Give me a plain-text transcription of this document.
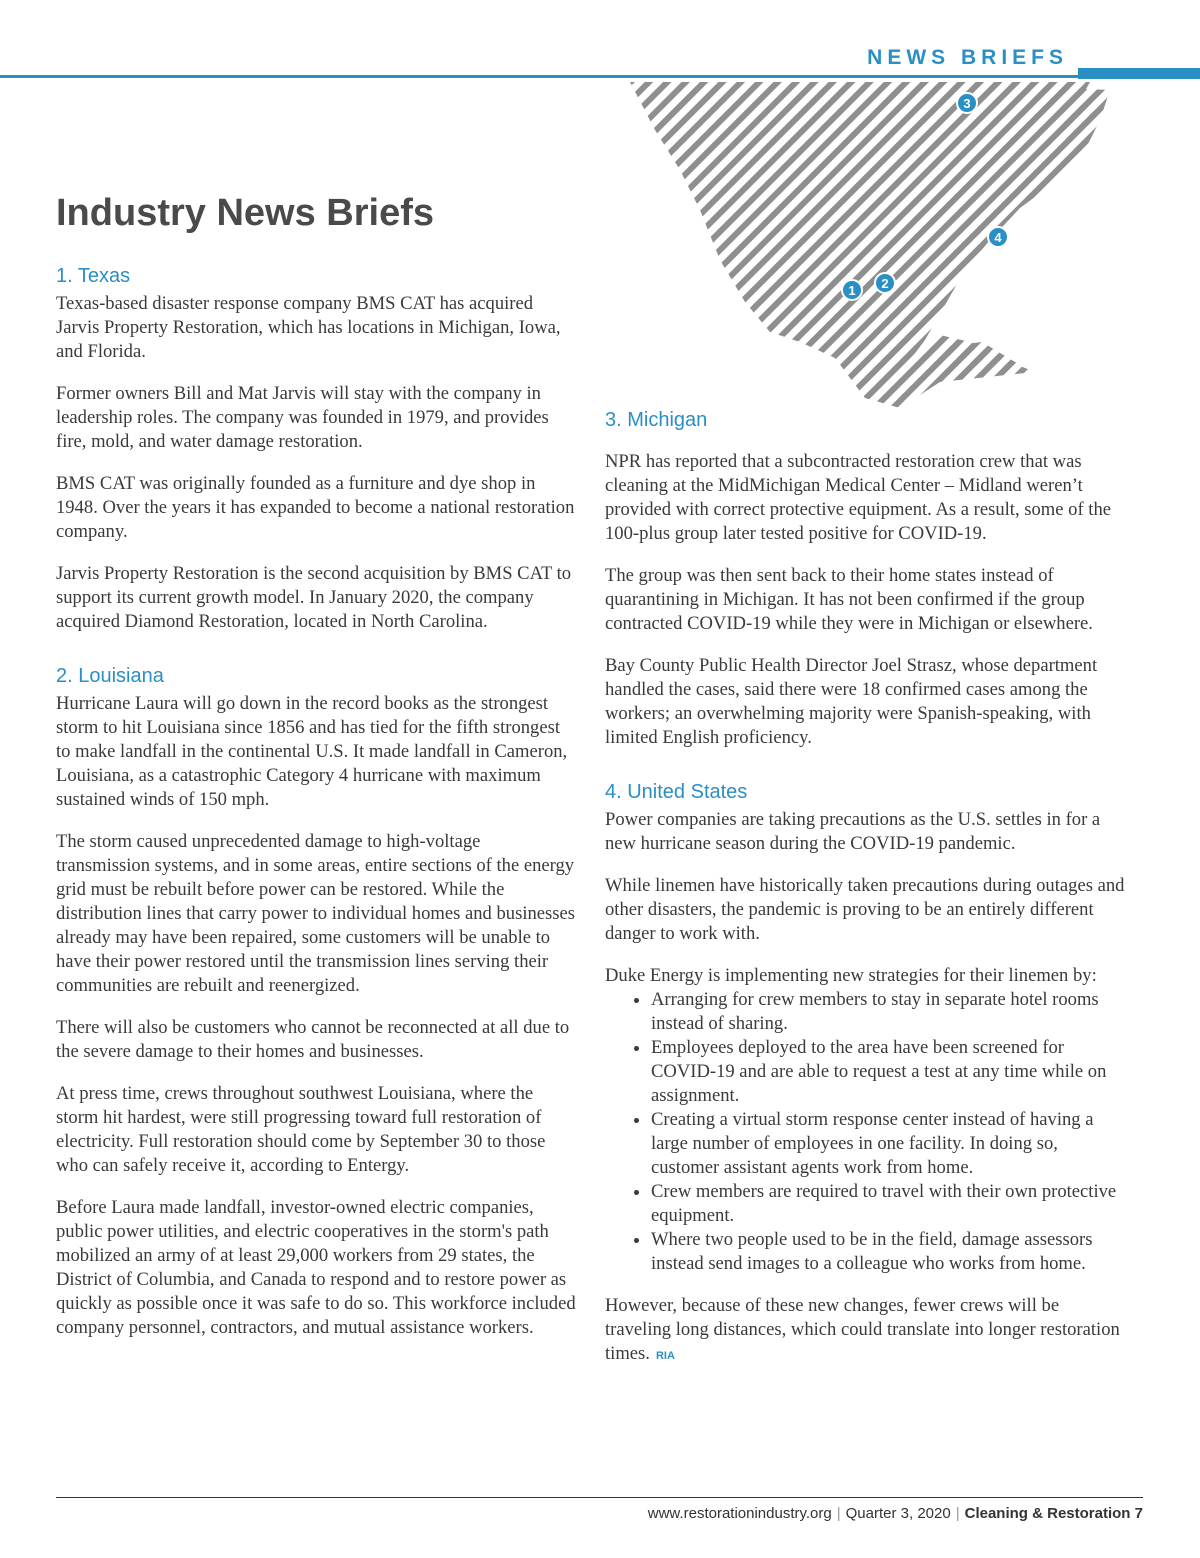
NEWS BRIEFS
1 2
3
4
Industry News Briefs
1. Texas

Texas-based disaster response company BMS CAT has acquired Jarvis Property Restoration, which has locations in Michigan, Iowa, and Florida.

Former owners Bill and Mat Jarvis will stay with the company in leadership roles. The company was founded in 1979, and provides fire, mold, and water damage restoration.

BMS CAT was originally founded as a furniture and dye shop in 1948. Over the years it has expanded to become a national restoration company.

Jarvis Property Restoration is the second acquisition by BMS CAT to support its current growth model. In January 2020, the company acquired Diamond Restoration, located in North Carolina.

2. Louisiana

Hurricane Laura will go down in the record books as the strongest storm to hit Louisiana since 1856 and has tied for the fifth strongest to make landfall in the continental U.S. It made landfall in Cameron, Louisiana, as a catastrophic Category 4 hurricane with maximum sustained winds of 150 mph.

The storm caused unprecedented damage to high-voltage transmission systems, and in some areas, entire sections of the energy grid must be rebuilt before power can be restored. While the distribution lines that carry power to individual homes and businesses already may have been repaired, some customers will be unable to have their power restored until the transmission lines serving their communities are rebuilt and reenergized.

There will also be customers who cannot be reconnected at all due to the severe damage to their homes and businesses.

At press time, crews throughout southwest Louisiana, where the storm hit hardest, were still progressing toward full restoration of electricity. Full restoration should come by September 30 to those who can safely receive it, according to Entergy.

Before Laura made landfall, investor-owned electric companies, public power utilities, and electric cooperatives in the storm's path mobilized an army of at least 29,000 workers from 29 states, the District of Columbia, and Canada to respond and to restore power as quickly as possible once it was safe to do so. This workforce included company personnel, contractors, and mutual assistance workers.

3. Michigan

NPR has reported that a subcontracted restoration crew that was cleaning at the MidMichigan Medical Center – Midland weren’t provided with correct protective equipment. As a result, some of the 100-plus group later tested positive for COVID-19.

The group was then sent back to their home states instead of quarantining in Michigan. It has not been confirmed if the group contracted COVID-19 while they were in Michigan or elsewhere.

Bay County Public Health Director Joel Strasz, whose department handled the cases, said there were 18 confirmed cases among the workers; an overwhelming majority were Spanish-speaking, with limited English proficiency.

4. United States

Power companies are taking precautions as the U.S. settles in for a new hurricane season during the COVID-19 pandemic.

While linemen have historically taken precautions during outages and other disasters, the pandemic is proving to be an entirely different danger to work with.

Duke Energy is implementing new strategies for their linemen by:

• Arranging for crew members to stay in separate hotel rooms instead of sharing.
• Employees deployed to the area have been screened for COVID-19 and are able to request a test at any time while on assignment.
• Creating a virtual storm response center instead of having a large number of employees in one facility. In doing so, customer assistant agents work from home.
• Crew members are required to travel with their own protective equipment.
• Where two people used to be in the field, damage assessors instead send images to a colleague who works from home.

However, because of these new changes, fewer crews will be traveling long distances, which could translate into longer restoration times. RIA

www.restorationindustry.org | Quarter 3, 2020 | Cleaning & Restoration 7
